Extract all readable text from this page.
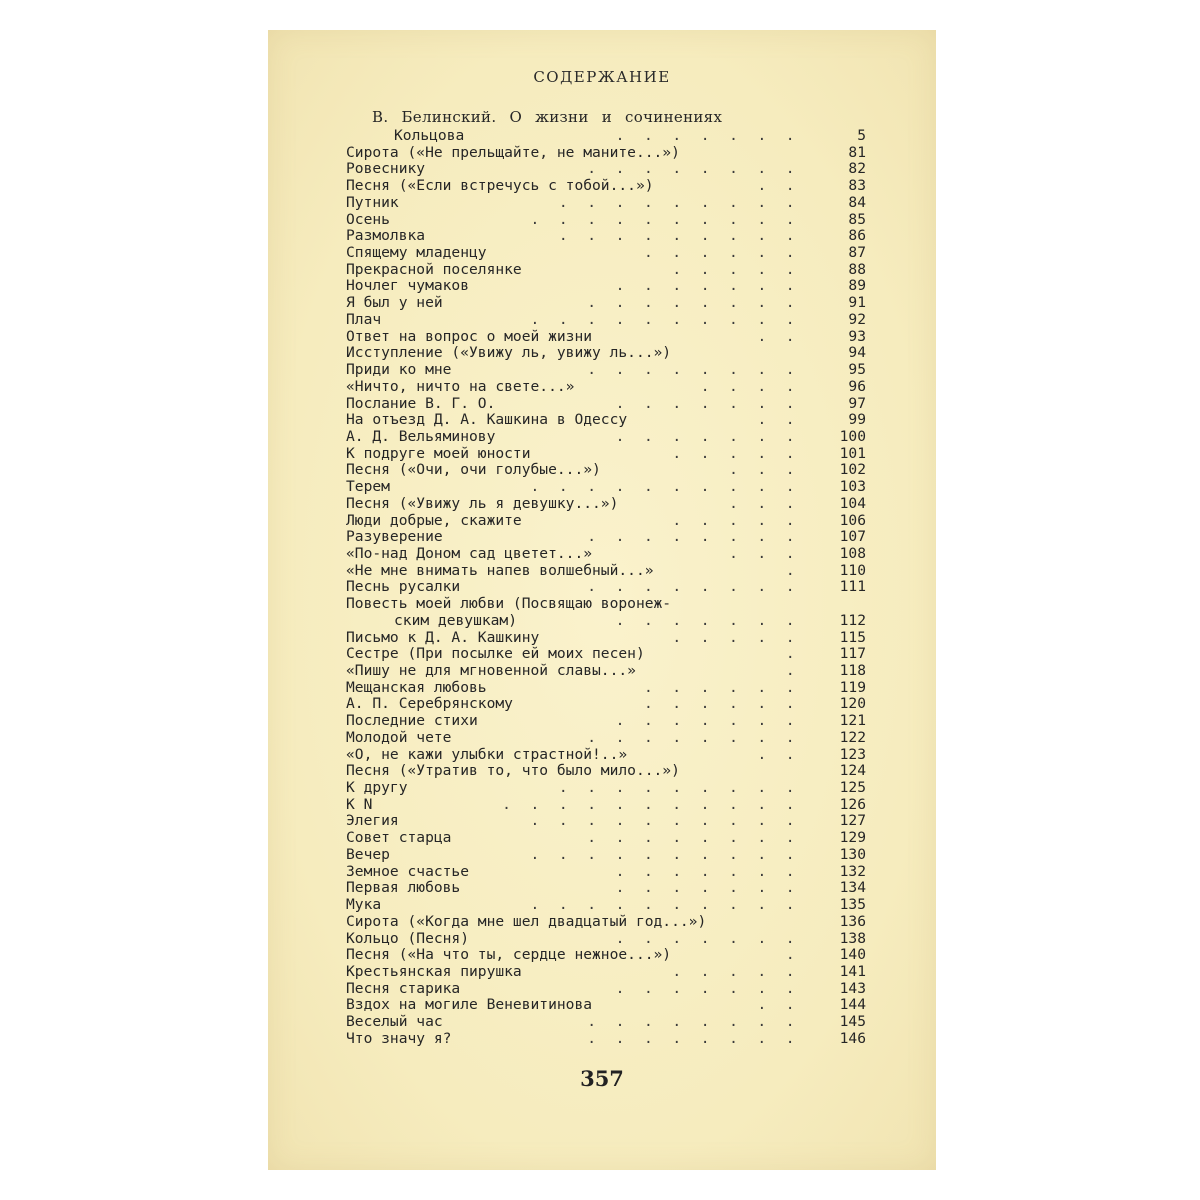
СОДЕРЖАНИЕ
В. Белинский. О жизни и сочинениях
Кольцова	. . . . . . .	5
Сирота («Не прельщайте, не маните...»)	81
Ровеснику	. . . . . . . .	82
Песня («Если встречусь с тобой...»)	. .	83
Путник	. . . . . . . . .	84
Осень	. . . . . . . . . .	85
Размолвка	. . . . . . . . .	86
Спящему младенцу	. . . . . .	87
Прекрасной поселянке	. . . . .	88
Ночлег чумаков	. . . . . . .	89
Я был у ней	. . . . . . . .	91
Плач	. . . . . . . . . .	92
Ответ на вопрос о моей жизни	. .	93
Исступление («Увижу ль, увижу ль...»)	94
Приди ко мне	. . . . . . . .	95
«Ничто, ничто на свете...»	. . . .	96
Послание В. Г. О.	. . . . . . .	97
На отъезд Д. А. Кашкина в Одессу	. .	99
А. Д. Вельяминову	. . . . . . .	100
К подруге моей юности	. . . . .	101
Песня («Очи, очи голубые...»)	. . .	102
Терем	. . . . . . . . . .	103
Песня («Увижу ль я девушку...»)	. . .	104
Люди добрые, скажите	. . . . .	106
Разуверение	. . . . . . . .	107
«По-над Доном сад цветет...»	. . .	108
«Не мне внимать напев волшебный...»	.	110
Песнь русалки	. . . . . . . .	111
Повесть моей любви (Посвящаю воронеж-
ским девушкам)	. . . . . . .	112
Письмо к Д. А. Кашкину	. . . . .	115
Сестре (При посылке ей моих песен)	.	117
«Пишу не для мгновенной славы...»	.	118
Мещанская любовь	. . . . . .	119
А. П. Серебрянскому	. . . . . .	120
Последние стихи	. . . . . . .	121
Молодой чете	. . . . . . . .	122
«О, не кажи улыбки страстной!..»	. .	123
Песня («Утратив то, что было мило...»)	124
К другу	. . . . . . . . .	125
К N	. . . . . . . . . . .	126
Элегия	. . . . . . . . . .	127
Совет старца	. . . . . . . .	129
Вечер	. . . . . . . . . .	130
Земное счастье	. . . . . . .	132
Первая любовь	. . . . . . .	134
Мука	. . . . . . . . . .	135
Сирота («Когда мне шел двадцатый год...»)	136
Кольцо (Песня)	. . . . . . .	138
Песня («На что ты, сердце нежное...»)	.	140
Крестьянская пирушка	. . . . .	141
Песня старика	. . . . . . .	143
Вздох на могиле Веневитинова	. .	144
Веселый час	. . . . . . . .	145
Что значу я?	. . . . . . . .	146
357
